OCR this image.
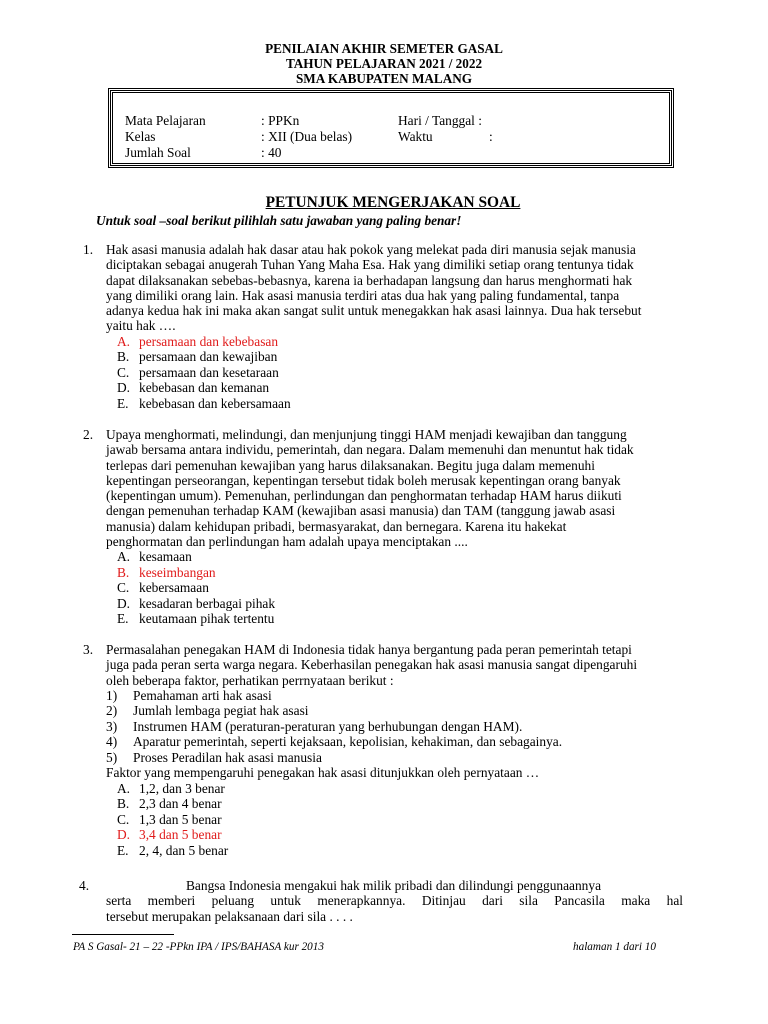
PENILAIAN AKHIR SEMETER GASAL
TAHUN PELAJARAN 2021 / 2022
SMA KABUPATEN MALANG
Mata Pelajaran	: PPKn	Hari / Tanggal :
Kelas	: XII (Dua belas)	Waktu	:
Jumlah Soal	: 40
PETUNJUK MENGERJAKAN SOAL
Untuk soal –soal berikut pilihlah satu jawaban yang paling benar!
1. Hak asasi manusia adalah hak dasar atau hak pokok yang melekat pada diri manusia sejak manusia
diciptakan sebagai anugerah Tuhan Yang Maha Esa. Hak yang dimiliki setiap orang tentunya tidak
dapat dilaksanakan sebebas-bebasnya, karena ia berhadapan langsung dan harus menghormati hak
yang dimiliki orang lain. Hak asasi manusia terdiri atas dua hak yang paling fundamental, tanpa
adanya kedua hak ini maka akan sangat sulit untuk menegakkan hak asasi lainnya. Dua hak tersebut
yaitu hak ….
A. persamaan dan kebebasan
B. persamaan dan kewajiban
C. persamaan dan kesetaraan
D. kebebasan dan kemanan
E. kebebasan dan kebersamaan
2. Upaya menghormati, melindungi, dan menjunjung tinggi HAM menjadi kewajiban dan tanggung
jawab bersama antara individu, pemerintah, dan negara. Dalam memenuhi dan menuntut hak tidak
terlepas dari pemenuhan kewajiban yang harus dilaksanakan. Begitu juga dalam memenuhi
kepentingan perseorangan, kepentingan tersebut tidak boleh merusak kepentingan orang banyak
(kepentingan umum). Pemenuhan, perlindungan dan penghormatan terhadap HAM harus diikuti
dengan pemenuhan terhadap KAM (kewajiban asasi manusia) dan TAM (tanggung jawab asasi
manusia) dalam kehidupan pribadi, bermasyarakat, dan bernegara. Karena itu hakekat
penghormatan dan perlindungan ham adalah upaya menciptakan ....
A. kesamaan
B. keseimbangan
C. kebersamaan
D. kesadaran berbagai pihak
E. keutamaan pihak tertentu
3. Permasalahan penegakan HAM di Indonesia tidak hanya bergantung pada peran pemerintah tetapi
juga pada peran serta warga negara. Keberhasilan penegakan hak asasi manusia sangat dipengaruhi
oleh beberapa faktor, perhatikan perrnyataan berikut :
1) Pemahaman arti hak asasi
2) Jumlah lembaga pegiat hak asasi
3) Instrumen HAM (peraturan-peraturan yang berhubungan dengan HAM).
4) Aparatur pemerintah, seperti kejaksaan, kepolisian, kehakiman, dan sebagainya.
5) Proses Peradilan hak asasi manusia
Faktor yang mempengaruhi penegakan hak asasi ditunjukkan oleh pernyataan …
A. 1,2, dan 3 benar
B. 2,3 dan 4 benar
C. 1,3 dan 5 benar
D. 3,4 dan 5 benar
E. 2, 4, dan 5 benar
4.	Bangsa Indonesia mengakui hak milik pribadi dan dilindungi penggunaannya
serta memberi peluang untuk menerapkannya. Ditinjau dari sila Pancasila maka hal
tersebut merupakan pelaksanaan dari sila . . . .
PA S Gasal- 21 – 22 -PPkn IPA / IPS/BAHASA kur 2013	halaman 1 dari 10
